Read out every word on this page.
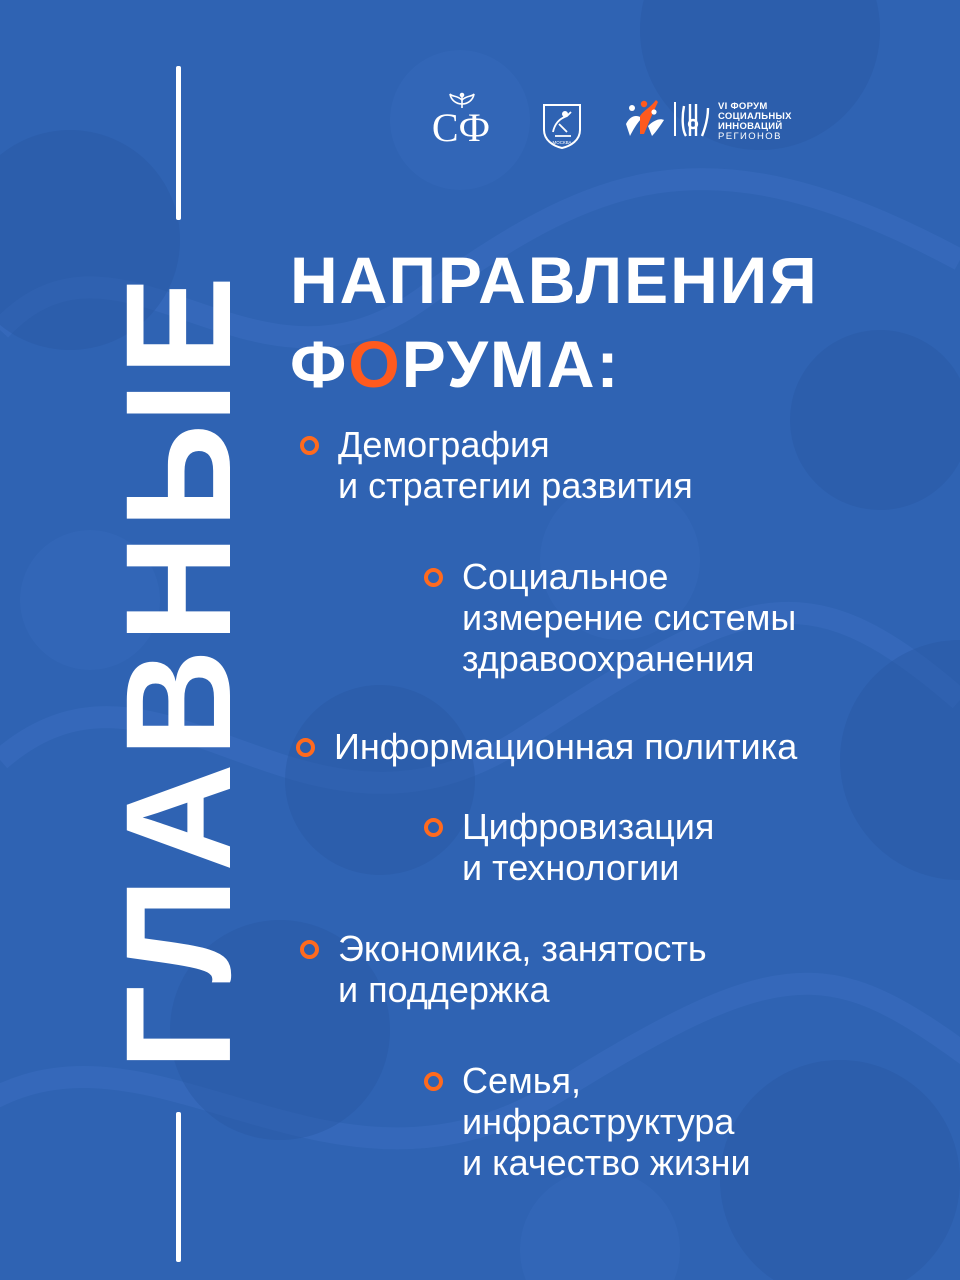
ГЛАВНЫЕ
СФ	МОСКВА
VI ФОРУМ
СОЦИАЛЬНЫХ
ИННОВАЦИЙ
РЕГИОНОВ
НАПРАВЛЕНИЯ
ФОРУМА:
Демография
и стратегии развития
Социальное
измерение системы
здравоохранения
Информационная политика
Цифровизация
и технологии
Экономика, занятость
и поддержка
Семья,
инфраструктура
и качество жизни
